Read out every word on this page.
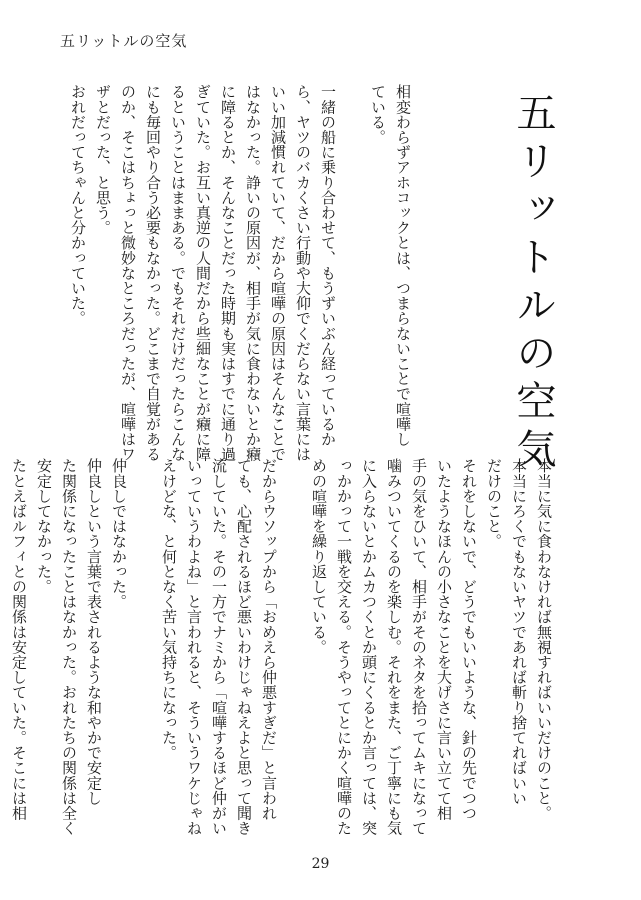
五リットルの空気
五リットルの空気

相変わらずアホコックとは、つまらないことで喧嘩し

ている。

一緒の船に乗り合わせて、もうずいぶん経っているか

ら、ヤツのバカくさい行動や大仰でくだらない言葉には

いい加減慣れていて、だから喧嘩の原因はそんなことで

はなかった。諍いの原因が、相手が気に食わないとか癪

に障るとか、そんなことだった時期も実はすでに通り過

ぎていた。お互い真逆の人間だから些細なことが癪に障

るということはままある。でもそれだけだったらこんな

にも毎回やり合う必要もなかった。どこまで自覚がある

のか、そこはちょっと微妙なところだったが、喧嘩はワ

ザとだった、と思う。

おれだってちゃんと分かっていた。

本当に気に食わなければ無視すればいいだけのこと。

本当にろくでもないヤツであれば斬り捨てればいい

だけのこと。

それをしないで、どうでもいいような、針の先でつつ

いたようなほんの小さなことを大げさに言い立てて相

手の気をひいて、相手がそのネタを拾ってムキになって

噛みついてくるのを楽しむ。それをまた、ご丁寧にも気

に入らないとかムカつくとか頭にくるとか言っては、突

っかかって一戦を交える。そうやってとにかく喧嘩のた

めの喧嘩を繰り返している。

だからウソップから「おめえら仲悪すぎだ」と言われ

ても、心配されるほど悪いわけじゃねえよと思って聞き

流していた。その一方でナミから「喧嘩するほど仲がい

いっていうわよね」と言われると、そういうワケじゃね

えけどな、と何となく苦い気持ちになった。

仲良しではなかった。

仲良しという言葉で表されるような和やかで安定し

た関係になったことはなかった。おれたちの関係は全く

安定してなかった。

たとえばルフィとの関係は安定していた。そこには相

29
